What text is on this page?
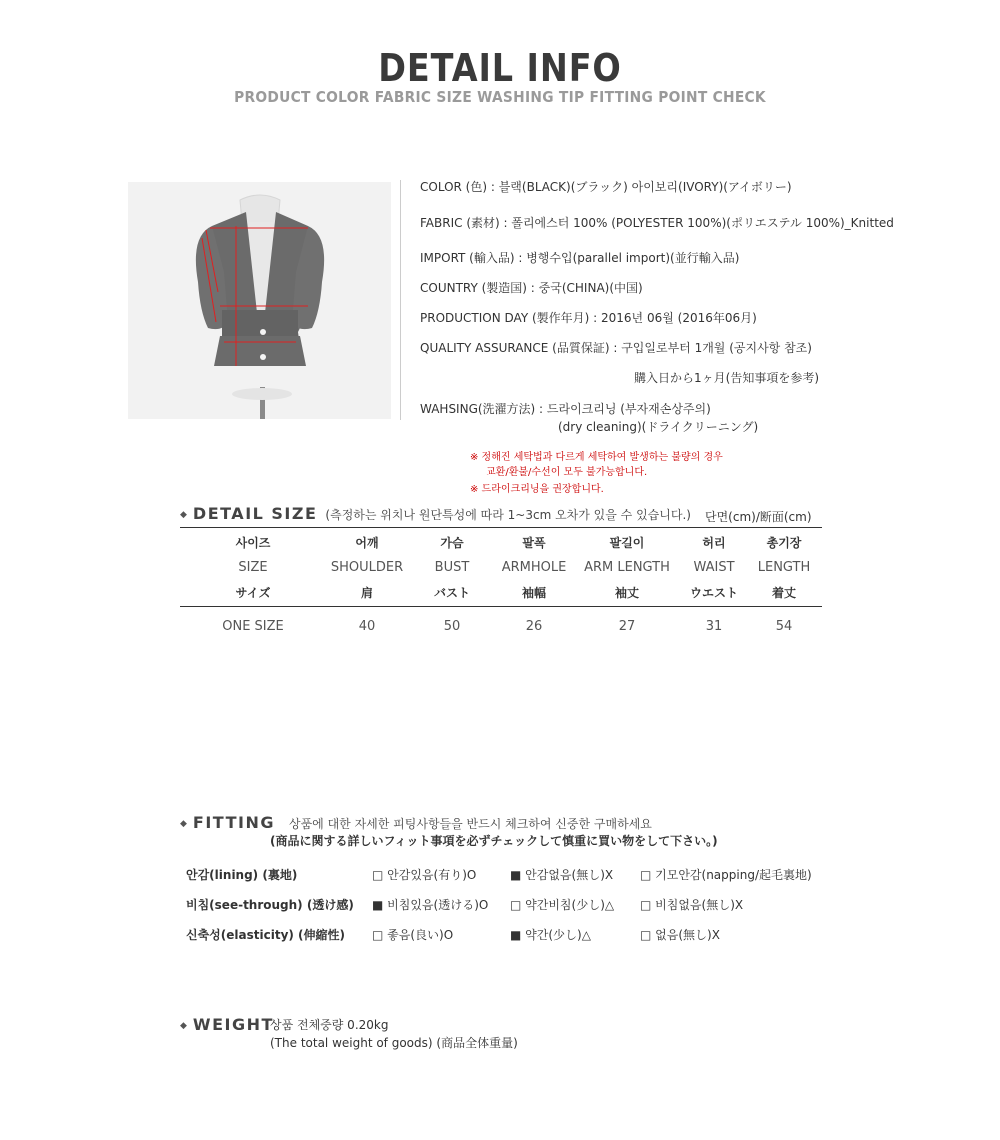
DETAIL INFO
PRODUCT COLOR FABRIC SIZE WASHING TIP FITTING POINT CHECK
COLOR (色) : 블랙(BLACK)(ブラック) 아이보리(IVORY)(アイボリー)
FABRIC (素材) : 폴리에스터 100% (POLYESTER 100%)(ポリエステル 100%)_Knitted
IMPORT (輸入品) : 병행수입(parallel import)(並行輸入品)
COUNTRY (製造国) : 중국(CHINA)(中国)
PRODUCTION DAY (製作年月) : 2016년 06월 (2016年06月)
QUALITY ASSURANCE (品質保証) : 구입일로부터 1개월 (공지사항 참조)
購入日から1ヶ月(告知事項を参考)
WAHSING(洗濯方法) : 드라이크리닝 (부자재손상주의)
(dry cleaning)(ドライクリーニング)
※ 정해진 세탁법과 다르게 세탁하여 발생하는 불량의 경우
교환/환불/수선이 모두 불가능합니다.
※ 드라이크리닝을 권장합니다.
◆ DETAIL SIZE (측정하는 위치나 원단특성에 따라 1~3cm 오차가 있을 수 있습니다.) 단면(cm)/断面(cm)
사이즈	어깨	가슴	팔폭	팔길이	허리	총기장
SIZE	SHOULDER	BUST	ARMHOLE	ARM LENGTH	WAIST	LENGTH
サイズ	肩	バスト	袖幅	袖丈	ウエスト	着丈
ONE SIZE	40	50	26	27	31	54
◆ FITTING 상품에 대한 자세한 피팅사항들을 반드시 체크하여 신중한 구매하세요
(商品に関する詳しいフィット事項を必ずチェックして慎重に買い物をして下さい。)
안감(lining) (裏地)	□ 안감있음(有り)O	■ 안감없음(無し)X □ 기모안감(napping/起毛裏地)
비침(see-through) (透け感) ■ 비침있음(透ける)O □ 약간비침(少し)△ □ 비침없음(無し)X
신축성(elasticity) (伸縮性) □ 좋음(良い)O	■ 약간(少し)△	□ 없음(無し)X
◆ WEIGHT
상품 전체중량 0.20kg
(The total weight of goods) (商品全体重量)
